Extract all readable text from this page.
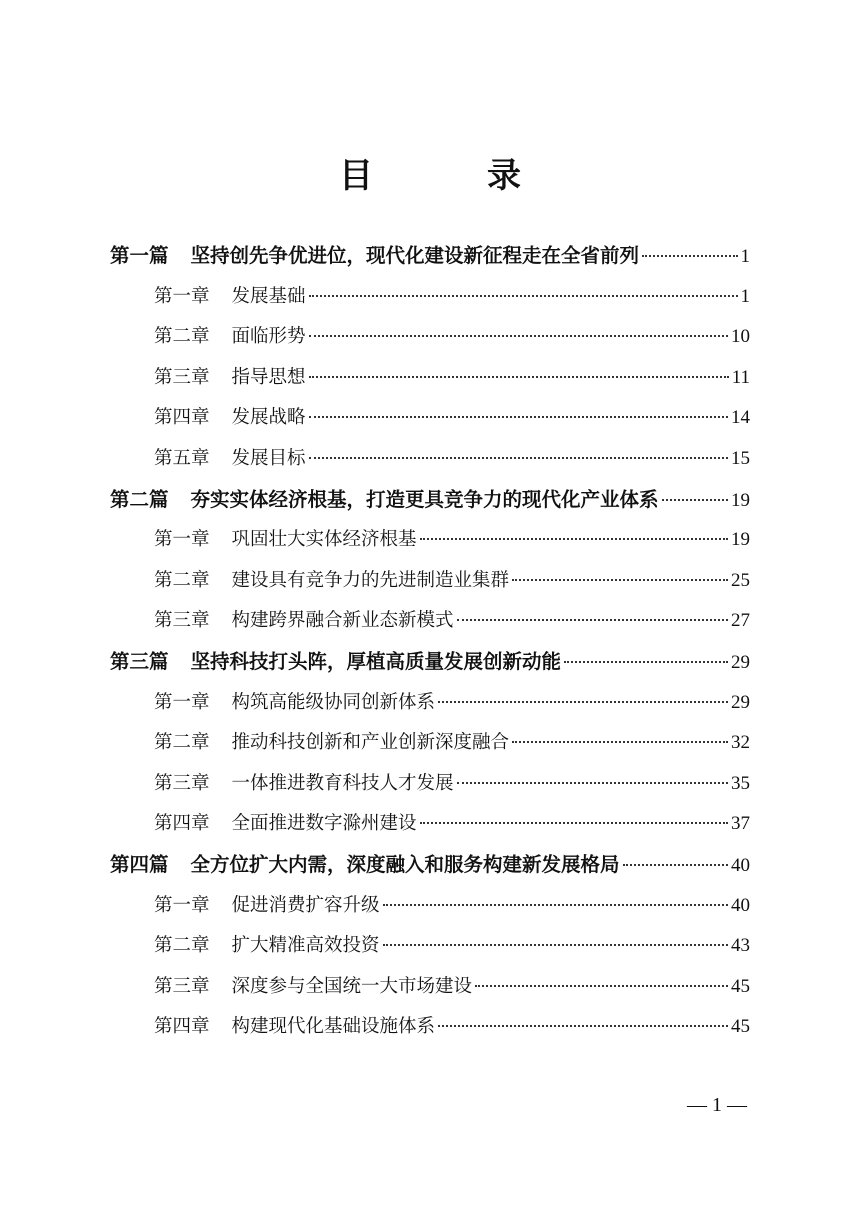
目　录
第一篇 坚持创先争优进位，现代化建设新征程走在全省前列	1
第一章 发展基础	1
第二章 面临形势	10
第三章 指导思想	11
第四章 发展战略	14
第五章 发展目标	15
第二篇 夯实实体经济根基，打造更具竞争力的现代化产业体系	19
第一章 巩固壮大实体经济根基	19
第二章 建设具有竞争力的先进制造业集群	25
第三章 构建跨界融合新业态新模式	27
第三篇 坚持科技打头阵，厚植高质量发展创新动能	29
第一章 构筑高能级协同创新体系	29
第二章 推动科技创新和产业创新深度融合	32
第三章 一体推进教育科技人才发展	35
第四章 全面推进数字滁州建设	37
第四篇 全方位扩大内需，深度融入和服务构建新发展格局	40
第一章 促进消费扩容升级	40
第二章 扩大精准高效投资	43
第三章 深度参与全国统一大市场建设	45
第四章 构建现代化基础设施体系	45
— 1 —
